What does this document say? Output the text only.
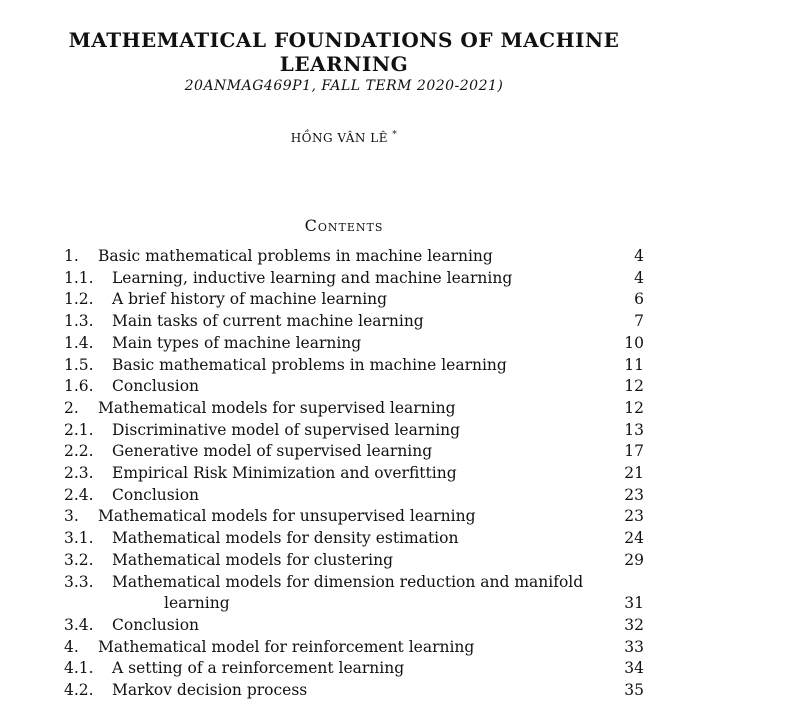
MATHEMATICAL FOUNDATIONS OF MACHINE
LEARNING
20ANMAG469P1, FALL TERM 2020-2021)
HỒNG VÂN LÊ *
Contents
1.	Basic mathematical problems in machine learning	4
1.1.	Learning, inductive learning and machine learning	4
1.2.	A brief history of machine learning	6
1.3.	Main tasks of current machine learning	7
1.4.	Main types of machine learning	10
1.5.	Basic mathematical problems in machine learning	11
1.6.	Conclusion	12
2.	Mathematical models for supervised learning	12
2.1.	Discriminative model of supervised learning	13
2.2.	Generative model of supervised learning	17
2.3.	Empirical Risk Minimization and overfitting	21
2.4.	Conclusion	23
3.	Mathematical models for unsupervised learning	23
3.1.	Mathematical models for density estimation	24
3.2.	Mathematical models for clustering	29
3.3.	Mathematical models for dimension reduction and manifold
learning	31
3.4.	Conclusion	32
4.	Mathematical model for reinforcement learning	33
4.1.	A setting of a reinforcement learning	34
4.2.	Markov decision process	35
